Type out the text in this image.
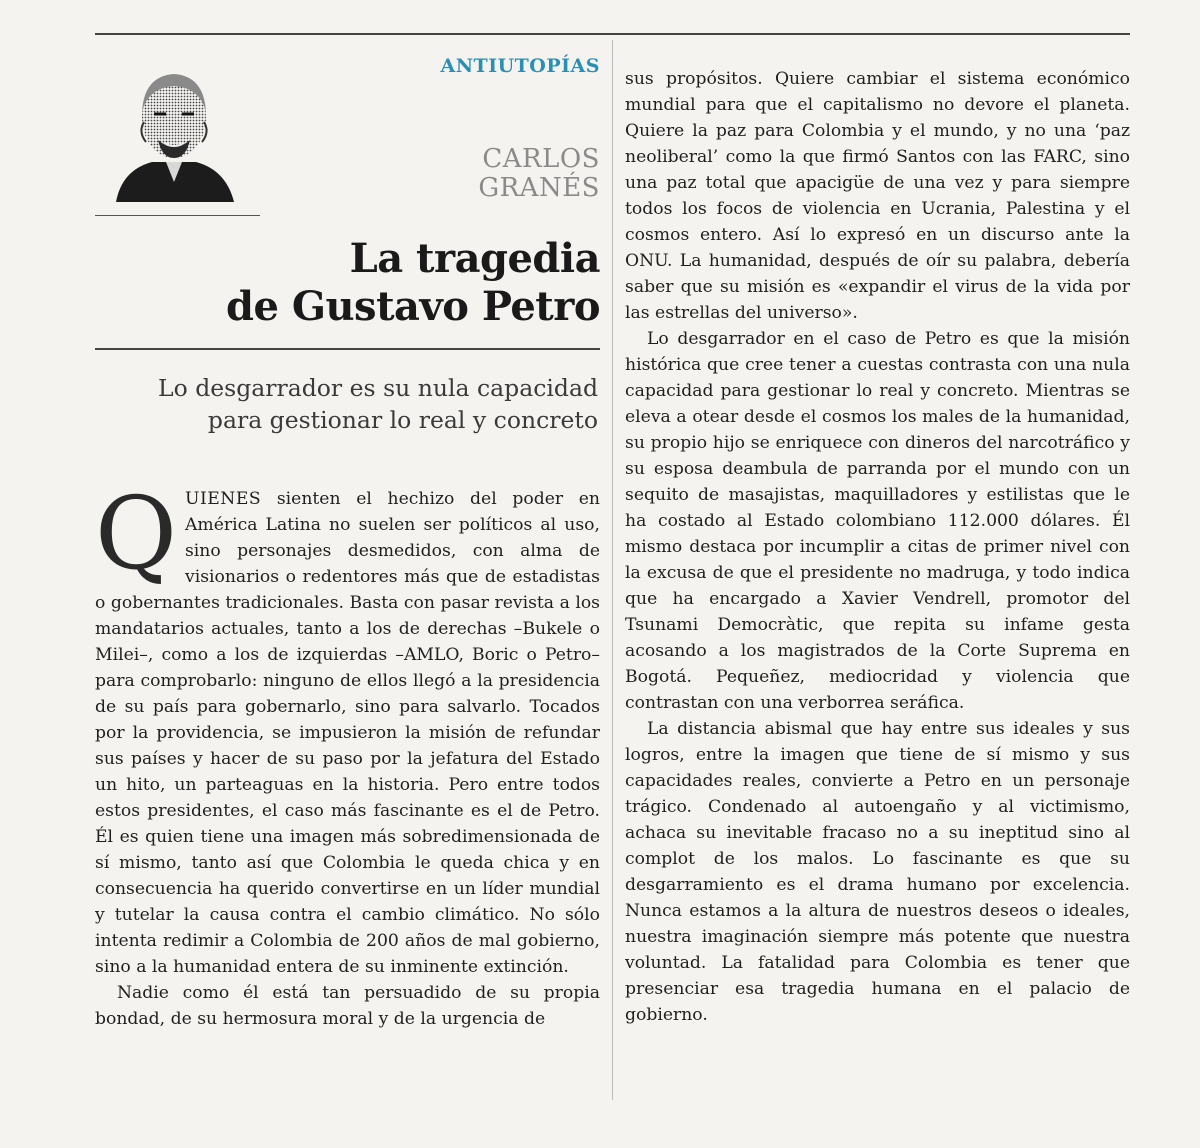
ANTIUTOPÍAS
CARLOS
GRANÉS
La tragedia
de Gustavo Petro
Lo desgarrador es su nula capacidad
para gestionar lo real y concreto

QUIENES sienten el hechizo del poder en América Latina no suelen ser políticos al uso, sino personajes desmedidos, con alma de visionarios o redentores más que de estadistas o gobernantes tradicionales. Basta con pasar revista a los mandatarios actuales, tanto a los de derechas –Bukele o Milei–, como a los de izquierdas –AMLO, Boric o Petro– para comprobarlo: ninguno de ellos llegó a la presidencia de su país para gobernarlo, sino para salvarlo. Tocados por la providencia, se impusieron la misión de refundar sus países y hacer de su paso por la jefatura del Estado un hito, un parteaguas en la historia. Pero entre todos estos presidentes, el caso más fascinante es el de Petro. Él es quien tiene una imagen más sobredimensionada de sí mismo, tanto así que Colombia le queda chica y en consecuencia ha querido convertirse en un líder mundial y tutelar la causa contra el cambio climático. No sólo intenta redimir a Colombia de 200 años de mal gobierno, sino a la humanidad entera de su inminente extinción.

Nadie como él está tan persuadido de su propia bondad, de su hermosura moral y de la urgencia de

sus propósitos. Quiere cambiar el sistema económico mundial para que el capitalismo no devore el planeta. Quiere la paz para Colombia y el mundo, y no una ‘paz neoliberal’ como la que firmó Santos con las FARC, sino una paz total que apacigüe de una vez y para siempre todos los focos de violencia en Ucrania, Palestina y el cosmos entero. Así lo expresó en un discurso ante la ONU. La humanidad, después de oír su palabra, debería saber que su misión es «expandir el virus de la vida por las estrellas del universo».

Lo desgarrador en el caso de Petro es que la misión histórica que cree tener a cuestas contrasta con una nula capacidad para gestionar lo real y concreto. Mientras se eleva a otear desde el cosmos los males de la humanidad, su propio hijo se enriquece con dineros del narcotráfico y su esposa deambula de parranda por el mundo con un sequito de masajistas, maquilladores y estilistas que le ha costado al Estado colombiano 112.000 dólares. Él mismo destaca por incumplir a citas de primer nivel con la excusa de que el presidente no madruga, y todo indica que ha encargado a Xavier Vendrell, promotor del Tsunami Democràtic, que repita su infame gesta acosando a los magistrados de la Corte Suprema en Bogotá. Pequeñez, mediocridad y violencia que contrastan con una verborrea seráfica.

La distancia abismal que hay entre sus ideales y sus logros, entre la imagen que tiene de sí mismo y sus capacidades reales, convierte a Petro en un personaje trágico. Condenado al autoengaño y al victimismo, achaca su inevitable fracaso no a su ineptitud sino al complot de los malos. Lo fascinante es que su desgarramiento es el drama humano por excelencia. Nunca estamos a la altura de nuestros deseos o ideales, nuestra imaginación siempre más potente que nuestra voluntad. La fatalidad para Colombia es tener que presenciar esa tragedia humana en el palacio de gobierno.
